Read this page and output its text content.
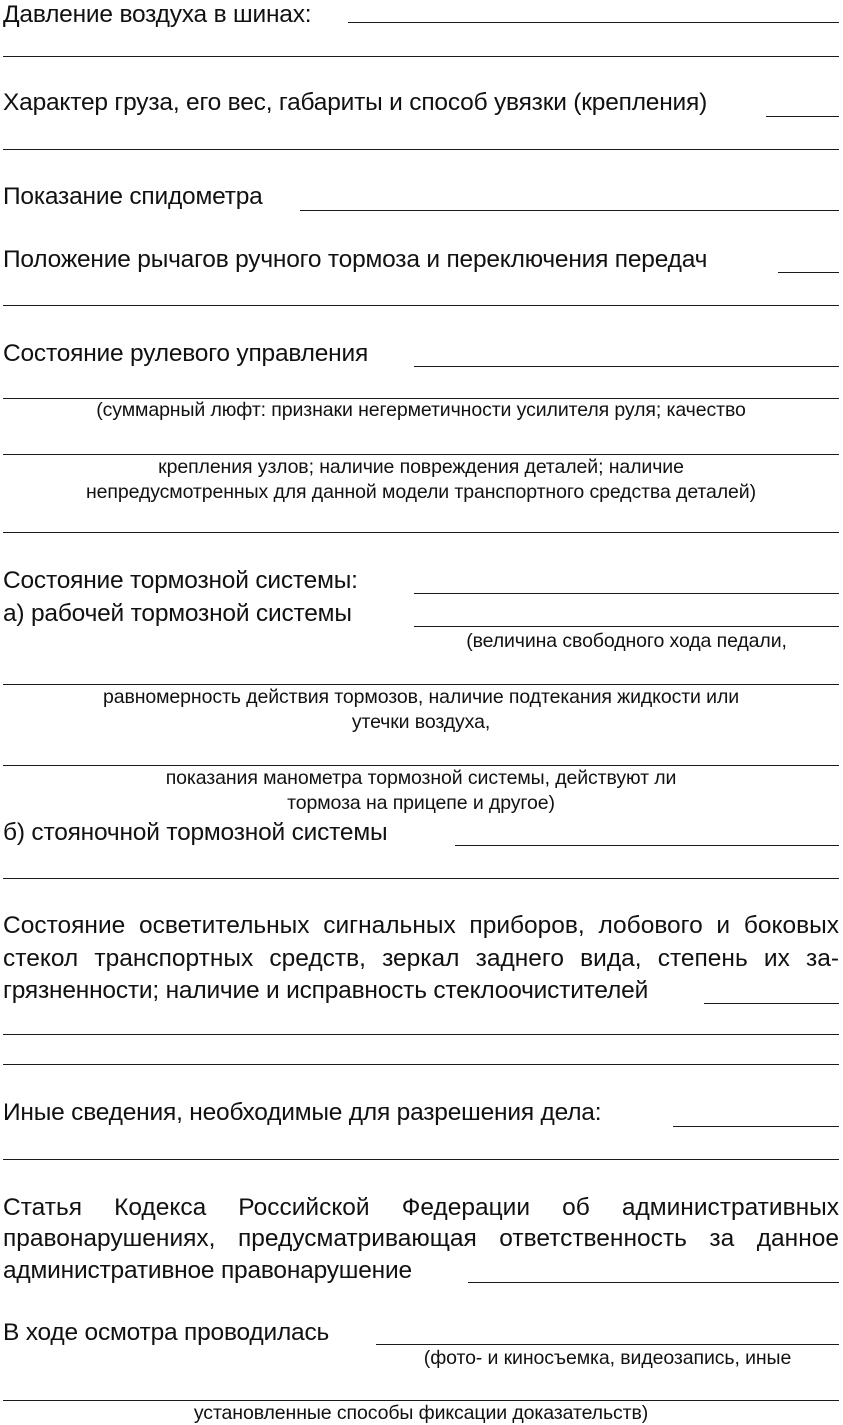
Давление воздуха в шинах:
Характер груза, его вес, габариты и способ увязки (крепления)
Показание спидометра
Положение рычагов ручного тормоза и переключения передач
Состояние рулевого управления
(суммарный люфт: признаки негерметичности усилителя руля; качество
крепления узлов; наличие повреждения деталей; наличие
непредусмотренных для данной модели транспортного средства деталей)
Состояние тормозной системы:
а) рабочей тормозной системы
(величина свободного хода педали,
равномерность действия тормозов, наличие подтекания жидкости или
утечки воздуха,
показания манометра тормозной системы, действуют ли
тормоза на прицепе и другое)
б) стояночной тормозной системы
Состояние осветительных сигнальных приборов, лобового и боковых
стекол транспортных средств, зеркал заднего вида, степень их за-
грязненности; наличие и исправность стеклоочистителей
Иные сведения, необходимые для разрешения дела:
Статья Кодекса Российской Федерации об административных
правонарушениях, предусматривающая ответственность за данное
административное правонарушение
В ходе осмотра проводилась
(фото- и киносъемка, видеозапись, иные
установленные способы фиксации доказательств)
